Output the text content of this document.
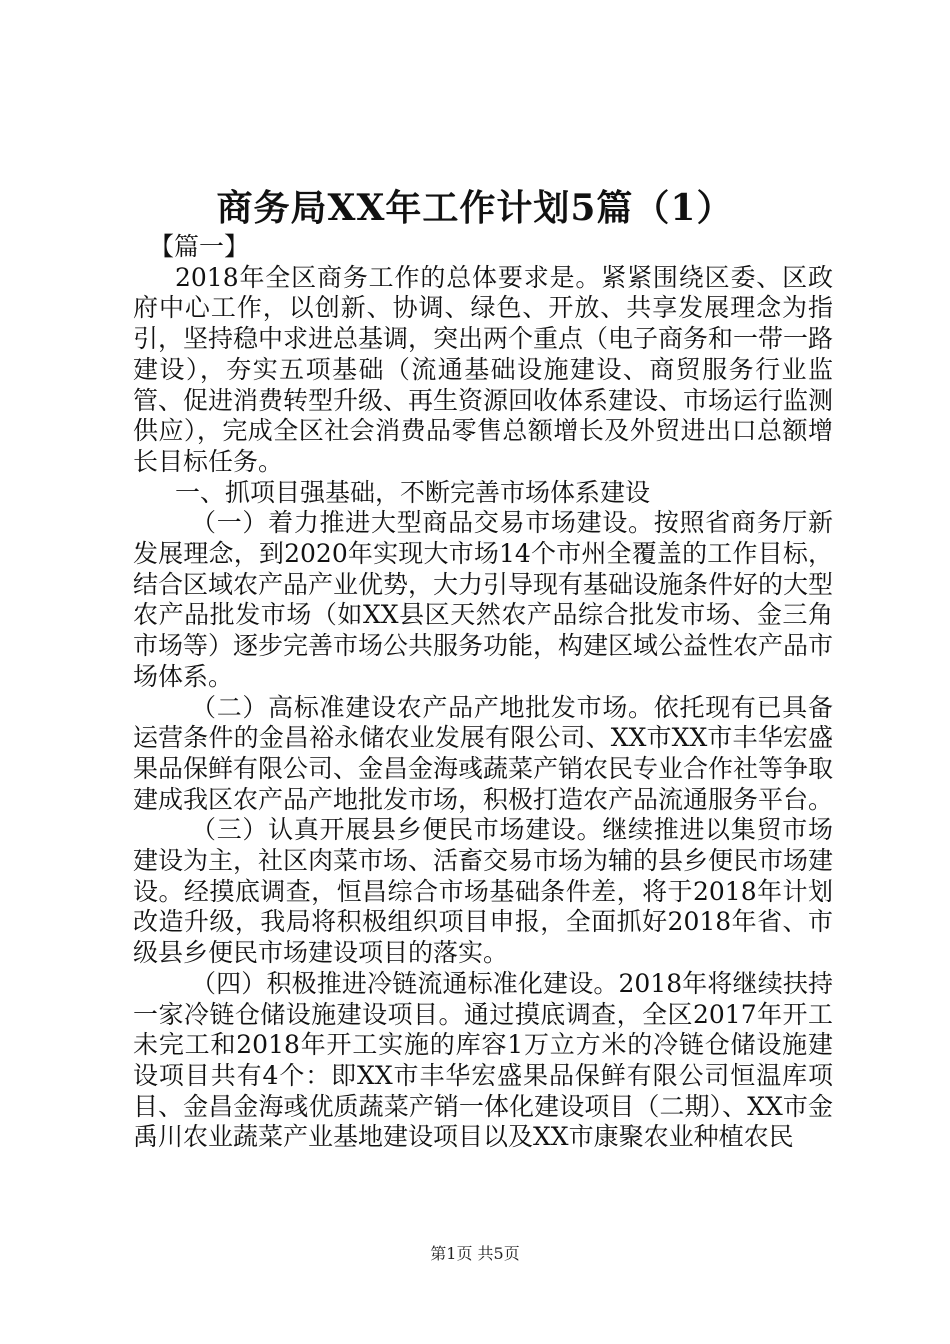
商务局XX年工作计划5篇（1）

【篇一】

2018年全区商务工作的总体要求是。紧紧围绕区委、区政府中心工作，以创新、协调、绿色、开放、共享发展理念为指引，坚持稳中求进总基调，突出两个重点（电子商务和一带一路建设），夯实五项基础（流通基础设施建设、商贸服务行业监管、促进消费转型升级、再生资源回收体系建设、市场运行监测供应），完成全区社会消费品零售总额增长及外贸进出口总额增长目标任务。

一、抓项目强基础，不断完善市场体系建设

（一）着力推进大型商品交易市场建设。按照省商务厅新发展理念，到2020年实现大市场14个市州全覆盖的工作目标，结合区域农产品产业优势，大力引导现有基础设施条件好的大型农产品批发市场（如XX县区天然农产品综合批发市场、金三角市场等）逐步完善市场公共服务功能，构建区域公益性农产品市场体系。

（二）高标准建设农产品产地批发市场。依托现有已具备运营条件的金昌裕永储农业发展有限公司、XX市XX市丰华宏盛果品保鲜有限公司、金昌金海彧蔬菜产销农民专业合作社等争取建成我区农产品产地批发市场，积极打造农产品流通服务平台。

（三）认真开展县乡便民市场建设。继续推进以集贸市场建设为主，社区肉菜市场、活畜交易市场为辅的县乡便民市场建设。经摸底调查，恒昌综合市场基础条件差，将于2018年计划改造升级，我局将积极组织项目申报，全面抓好2018年省、市级县乡便民市场建设项目的落实。

（四）积极推进冷链流通标准化建设。2018年将继续扶持一家冷链仓储设施建设项目。通过摸底调查，全区2017年开工未完工和2018年开工实施的库容1万立方米的冷链仓储设施建设项目共有4个：即XX市丰华宏盛果品保鲜有限公司恒温库项目、金昌金海彧优质蔬菜产销一体化建设项目（二期）、XX市金禹川农业蔬菜产业基地建设项目以及XX市康聚农业种植农民

第1页 共5页
